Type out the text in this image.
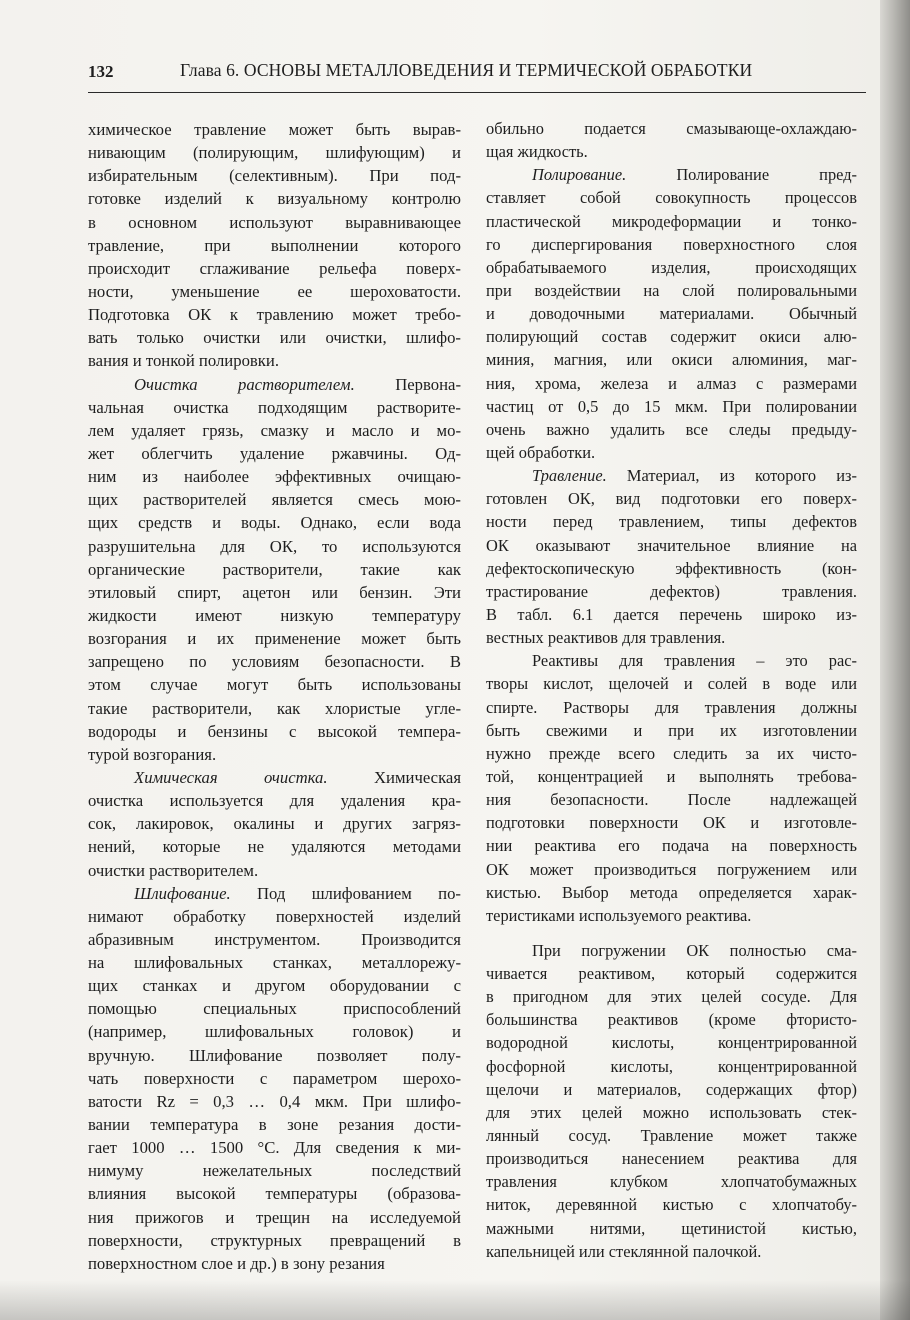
132	Глава 6. ОСНОВЫ МЕТАЛЛОВЕДЕНИЯ И ТЕРМИЧЕСКОЙ ОБРАБОТКИ
химическое травление может быть вырав-
нивающим (полирующим, шлифующим) и
избирательным (селективным). При под-
готовке изделий к визуальному контролю
в основном используют выравнивающее
травление, при выполнении которого
происходит сглаживание рельефа поверх-
ности, уменьшение ее шероховатости.
Подготовка ОК к травлению может требо-
вать только очистки или очистки, шлифо-
вания и тонкой полировки.
Очистка растворителем. Первона-
чальная очистка подходящим растворите-
лем удаляет грязь, смазку и масло и мо-
жет облегчить удаление ржавчины. Од-
ним из наиболее эффективных очищаю-
щих растворителей является смесь мою-
щих средств и воды. Однако, если вода
разрушительна для ОК, то используются
органические растворители, такие как
этиловый спирт, ацетон или бензин. Эти
жидкости имеют низкую температуру
возгорания и их применение может быть
запрещено по условиям безопасности. В
этом случае могут быть использованы
такие растворители, как хлористые угле-
водороды и бензины с высокой темпера-
турой возгорания.
Химическая очистка. Химическая
очистка используется для удаления кра-
сок, лакировок, окалины и других загряз-
нений, которые не удаляются методами
очистки растворителем.
Шлифование. Под шлифованием по-
нимают обработку поверхностей изделий
абразивным инструментом. Производится
на шлифовальных станках, металлорежу-
щих станках и другом оборудовании с
помощью специальных приспособлений
(например, шлифовальных головок) и
вручную. Шлифование позволяет полу-
чать поверхности с параметром шерохо-
ватости Rz = 0,3 … 0,4 мкм. При шлифо-
вании температура в зоне резания дости-
гает 1000 … 1500 °С. Для сведения к ми-
нимуму нежелательных последствий
влияния высокой температуры (образова-
ния прижогов и трещин на исследуемой
поверхности, структурных превращений в
поверхностном слое и др.) в зону резания
обильно подается смазывающе-охлаждаю-
щая жидкость.
Полирование. Полирование пред-
ставляет собой совокупность процессов
пластической микродеформации и тонко-
го диспергирования поверхностного слоя
обрабатываемого изделия, происходящих
при воздействии на слой полировальными
и доводочными материалами. Обычный
полирующий состав содержит окиси алю-
миния, магния, или окиси алюминия, маг-
ния, хрома, железа и алмаз с размерами
частиц от 0,5 до 15 мкм. При полировании
очень важно удалить все следы предыду-
щей обработки.
Травление. Материал, из которого из-
готовлен ОК, вид подготовки его поверх-
ности перед травлением, типы дефектов
ОК оказывают значительное влияние на
дефектоскопическую эффективность (кон-
трастирование дефектов) травления.
В табл. 6.1 дается перечень широко из-
вестных реактивов для травления.
Реактивы для травления – это рас-
творы кислот, щелочей и солей в воде или
спирте. Растворы для травления должны
быть свежими и при их изготовлении
нужно прежде всего следить за их чисто-
той, концентрацией и выполнять требова-
ния безопасности. После надлежащей
подготовки поверхности ОК и изготовле-
нии реактива его подача на поверхность
ОК может производиться погружением или
кистью. Выбор метода определяется харак-
теристиками используемого реактива.
При погружении ОК полностью сма-
чивается реактивом, который содержится
в пригодном для этих целей сосуде. Для
большинства реактивов (кроме фтористо-
водородной кислоты, концентрированной
фосфорной кислоты, концентрированной
щелочи и материалов, содержащих фтор)
для этих целей можно использовать стек-
лянный сосуд. Травление может также
производиться нанесением реактива для
травления клубком хлопчатобумажных
ниток, деревянной кистью с хлопчатобу-
мажными нитями, щетинистой кистью,
капельницей или стеклянной палочкой.
